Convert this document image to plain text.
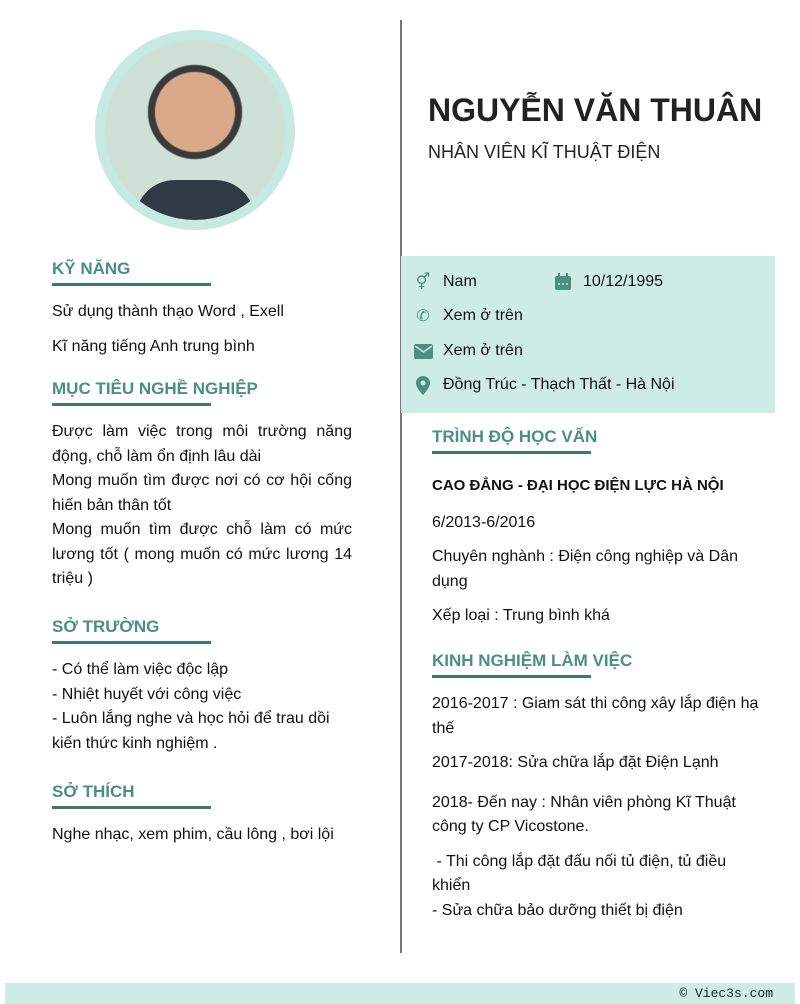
NGUYỄN VĂN THUÂN
NHÂN VIÊN KĨ THUẬT ĐIỆN
⚥ Nam	10/12/1995
✆ Xem ở trên
Xem ở trên
Đồng Trúc - Thạch Thất - Hà Nội
KỸ NĂNG
Sử dụng thành thạo Word , Exell
Kĩ năng tiếng Anh trung bình
MỤC TIÊU NGHỀ NGHIỆP
Được làm việc trong môi trường năng động, chỗ làm ổn định lâu dài
Mong muốn tìm được nơi có cơ hội cống hiến bản thân tốt
Mong muốn tìm được chỗ làm có mức lương tốt ( mong muốn có mức lương 14 triệu )
SỞ TRƯỜNG
- Có thể làm việc độc lập
- Nhiệt huyết với công việc
- Luôn lắng nghe và học hỏi để trau dồi kiến thức kinh nghiệm .
SỞ THÍCH
Nghe nhạc, xem phim, cầu lông , bơi lội
TRÌNH ĐỘ HỌC VẤN
CAO ĐẲNG - ĐẠI HỌC ĐIỆN LỰC HÀ NỘI
6/2013-6/2016
Chuyên nghành : Điện công nghiệp và Dân dụng
Xếp loại : Trung bình khá
KINH NGHIỆM LÀM VIỆC
2016-2017 : Giam sát thi công xây lắp điện hạ thế
2017-2018: Sửa chữa lắp đặt Điện Lạnh
2018- Đến nay : Nhân viên phòng Kĩ Thuật công ty CP Vicostone.
- Thi công lắp đặt đấu nối tủ điện, tủ điều khiển
- Sửa chữa bảo dưỡng thiết bị điện
© Viec3s.com
